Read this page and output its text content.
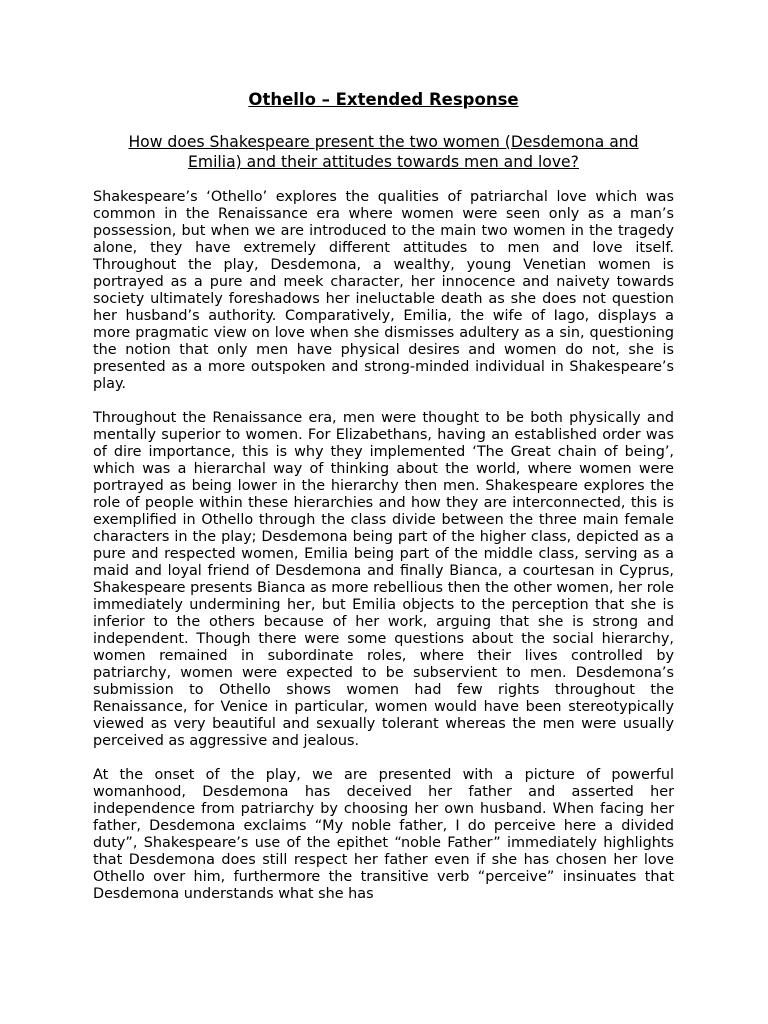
Othello – Extended Response
How does Shakespeare present the two women (Desdemona and Emilia) and their attitudes towards men and love?

Shakespeare’s ‘Othello’ explores the qualities of patriarchal love which was common in the Renaissance era where women were seen only as a man’s possession, but when we are introduced to the main two women in the tragedy alone, they have extremely different attitudes to men and love itself. Throughout the play, Desdemona, a wealthy, young Venetian women is portrayed as a pure and meek character, her innocence and naivety towards society ultimately foreshadows her ineluctable death as she does not question her husband’s authority. Comparatively, Emilia, the wife of Iago, displays a more pragmatic view on love when she dismisses adultery as a sin, questioning the notion that only men have physical desires and women do not, she is presented as a more outspoken and strong-minded individual in Shakespeare’s play.

Throughout the Renaissance era, men were thought to be both physically and mentally superior to women. For Elizabethans, having an established order was of dire importance, this is why they implemented ‘The Great chain of being’, which was a hierarchal way of thinking about the world, where women were portrayed as being lower in the hierarchy then men. Shakespeare explores the role of people within these hierarchies and how they are interconnected, this is exemplified in Othello through the class divide between the three main female characters in the play; Desdemona being part of the higher class, depicted as a pure and respected women, Emilia being part of the middle class, serving as a maid and loyal friend of Desdemona and finally Bianca, a courtesan in Cyprus, Shakespeare presents Bianca as more rebellious then the other women, her role immediately undermining her, but Emilia objects to the perception that she is inferior to the others because of her work, arguing that she is strong and independent. Though there were some questions about the social hierarchy, women remained in subordinate roles, where their lives controlled by patriarchy, women were expected to be subservient to men. Desdemona’s submission to Othello shows women had few rights throughout the Renaissance, for Venice in particular, women would have been stereotypically viewed as very beautiful and sexually tolerant whereas the men were usually perceived as aggressive and jealous.

At the onset of the play, we are presented with a picture of powerful womanhood, Desdemona has deceived her father and asserted her independence from patriarchy by choosing her own husband. When facing her father, Desdemona exclaims “My noble father, I do perceive here a divided duty”, Shakespeare’s use of the epithet “noble Father” immediately highlights that Desdemona does still respect her father even if she has chosen her love Othello over him, furthermore the transitive verb “perceive” insinuates that Desdemona understands what she has
